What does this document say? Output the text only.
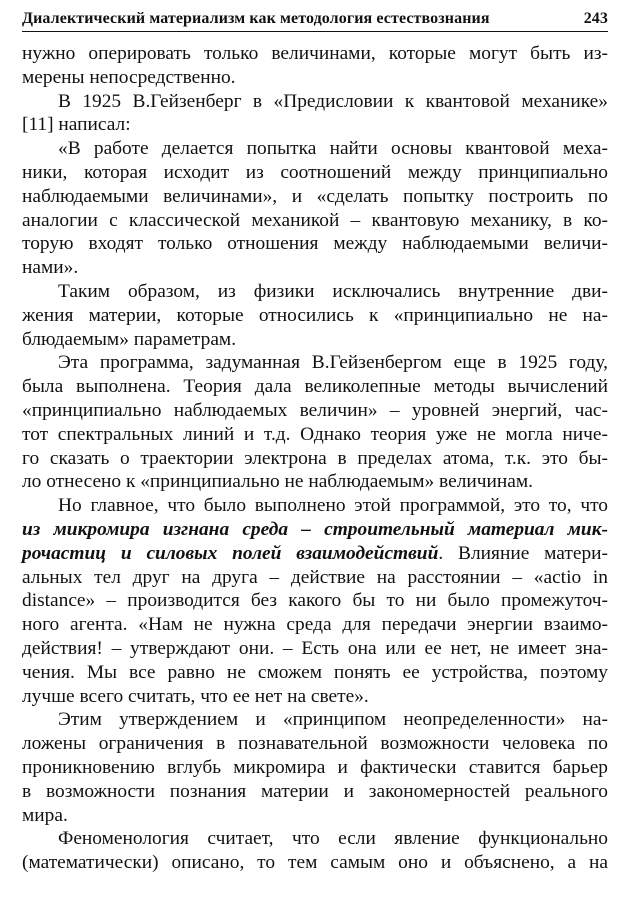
Диалектический материализм как методология естествознания	243
нужно оперировать только величинами, которые могут быть из-
мерены непосредственно.
В 1925 В.Гейзенберг в «Предисловии к квантовой механике»
[11] написал:
«В работе делается попытка найти основы квантовой меха-
ники, которая исходит из соотношений между принципиально
наблюдаемыми величинами», и «сделать попытку построить по
аналогии с классической механикой – квантовую механику, в ко-
торую входят только отношения между наблюдаемыми величи-
нами».
Таким образом, из физики исключались внутренние дви-
жения материи, которые относились к «принципиально не на-
блюдаемым» параметрам.
Эта программа, задуманная В.Гейзенбергом еще в 1925 году,
была выполнена. Теория дала великолепные методы вычислений
«принципиально наблюдаемых величин» – уровней энергий, час-
тот спектральных линий и т.д. Однако теория уже не могла ниче-
го сказать о траектории электрона в пределах атома, т.к. это бы-
ло отнесено к «принципиально не наблюдаемым» величинам.
Но главное, что было выполнено этой программой, это то, что
из микромира изгнана среда – строительный материал мик-
рочастиц и силовых полей взаимодействий. Влияние матери-
альных тел друг на друга – действие на расстоянии – «actio in
distance» – производится без какого бы то ни было промежуточ-
ного агента. «Нам не нужна среда для передачи энергии взаимо-
действия! – утверждают они. – Есть она или ее нет, не имеет зна-
чения. Мы все равно не сможем понять ее устройства, поэтому
лучше всего считать, что ее нет на свете».
Этим утверждением и «принципом неопределенности» на-
ложены ограничения в познавательной возможности человека по
проникновению вглубь микромира и фактически ставится барьер
в возможности познания материи и закономерностей реального
мира.
Феноменология считает, что если явление функционально
(математически) описано, то тем самым оно и объяснено, а на
